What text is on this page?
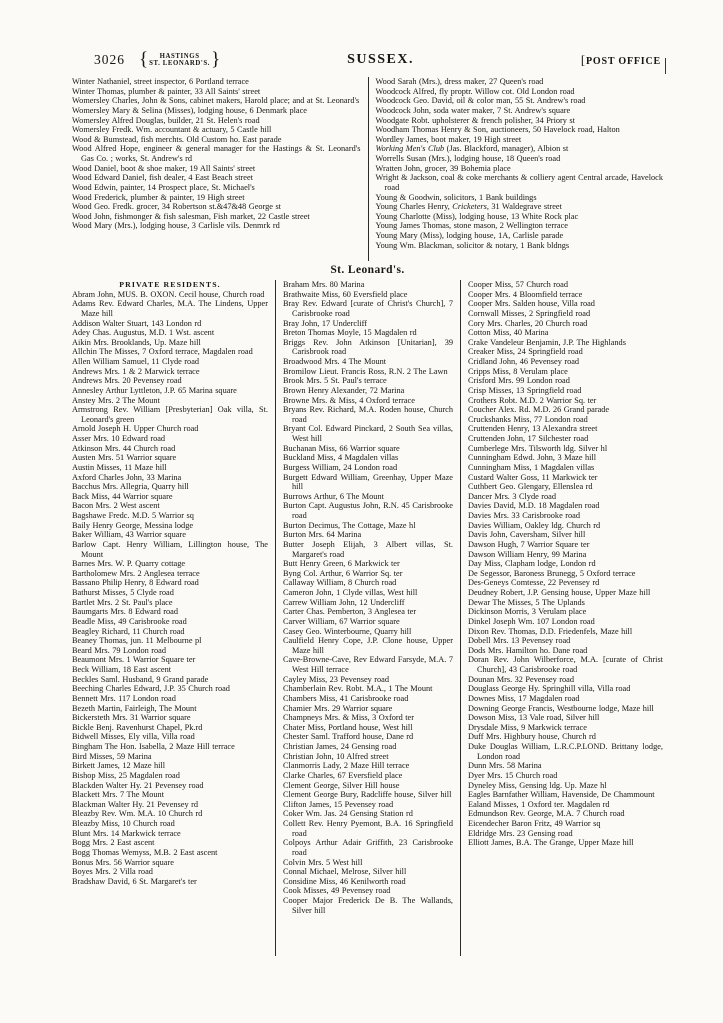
3026 {	HASTINGS
ST. LEONARD'S. }	SUSSEX.	[POST OFFICE

Winter Nathaniel, street inspector, 6 Portland terrace

Winter Thomas, plumber & painter, 33 All Saints' street

Womersley Charles, John & Sons, cabinet makers, Harold place; and at St. Leonard's

Womersley Mary & Selina (Misses), lodging house, 6 Denmark place

Womersley Alfred Douglas, builder, 21 St. Helen's road

Womersley Fredk. Wm. accountant & actuary, 5 Castle hill

Wood & Bumstead, fish merchts. Old Custom ho. East parade

Wood Alfred Hope, engineer & general manager for the Hastings & St. Leonard's Gas Co. ; works, St. Andrew's rd

Wood Daniel, boot & shoe maker, 19 All Saints' street

Wood Edward Daniel, fish dealer, 4 East Beach street

Wood Edwin, painter, 14 Prospect place, St. Michael's

Wood Frederick, plumber & painter, 19 High street

Wood Geo. Fredk. grocer, 34 Robertson st.&47&48 George st

Wood John, fishmonger & fish salesman, Fish market, 22 Castle street

Wood Mary (Mrs.), lodging house, 3 Carlisle vils. Denmrk rd

Wood Sarah (Mrs.), dress maker, 27 Queen's road

Woodcock Alfred, fly proptr. Willow cot. Old London road

Woodcock Geo. David, oil & color man, 55 St. Andrew's road

Woodcock John, soda water maker, 7 St. Andrew's square

Woodgate Robt. upholsterer & french polisher, 34 Priory st

Woodham Thomas Henry & Son, auctioneers, 50 Havelock road, Halton

Wordley James, boot maker, 19 High street

Working Men's Club (Jas. Blackford, manager), Albion st

Worrells Susan (Mrs.), lodging house, 18 Queen's road

Wratten John, grocer, 39 Bohemia place

Wright & Jackson, coal & coke merchants & colliery agent Central arcade, Havelock road

Young & Goodwin, solicitors, 1 Bank buildings

Young Charles Henry, Cricketers, 31 Waldegrave street

Young Charlotte (Miss), lodging house, 13 White Rock plac

Young James Thomas, stone mason, 2 Wellington terrace

Young Mary (Miss), lodging house, 1A, Carlisle parade

Young Wm. Blackman, solicitor & notary, 1 Bank bldngs

St. Leonard's.
PRIVATE RESIDENTS.

Abram John, MUS. B. OXON. Cecil house, Church road

Adams Rev. Edward Charles, M.A. The Lindens, Upper Maze hill

Addison Walter Stuart, 143 London rd

Adey Chas. Augustus, M.D. 1 Wst. ascent

Aikin Mrs. Brooklands, Up. Maze hill

Allchin The Misses, 7 Oxford terrace, Magdalen road

Allen William Samuel, 11 Clyde road

Andrews Mrs. 1 & 2 Marwick terrace

Andrews Mrs. 20 Pevensey road

Annesley Arthur Lyttleton, J.P. 65 Marina square

Anstey Mrs. 2 The Mount

Armstrong Rev. William [Presbyterian] Oak villa, St. Leonard's green

Arnold Joseph H. Upper Church road

Asser Mrs. 10 Edward road

Atkinson Mrs. 44 Church road

Austen Mrs. 51 Warrior square

Austin Misses, 11 Maze hill

Axford Charles John, 33 Marina

Bacchus Mrs. Allegria, Quarry hill

Back Miss, 44 Warrior square

Bacon Mrs. 2 West ascent

Bagshawe Fredc. M.D. 5 Warrior sq

Baily Henry George, Messina lodge

Baker William, 43 Warrior square

Barlow Capt. Henry William, Lillington house, The Mount

Barnes Mrs. W. P. Quarry cottage

Bartholomew Mrs. 2 Anglesea terrace

Bassano Philip Henry, 8 Edward road

Bathurst Misses, 5 Clyde road

Bartlet Mrs. 2 St. Paul's place

Baumgarts Mrs. 8 Edward road

Beadle Miss, 49 Carisbrooke road

Beagley Richard, 11 Church road

Beaney Thomas, jun. 11 Melbourne pl

Beard Mrs. 79 London road

Beaumont Mrs. 1 Warrior Square ter

Beck William, 18 East ascent

Beckles Saml. Husband, 9 Grand parade

Beeching Charles Edward, J.P. 35 Church road

Bennett Mrs. 117 London road

Bezeth Martin, Fairleigh, The Mount

Bickersteth Mrs. 31 Warrior square

Bickle Benj. Ravenhurst Chapel, Pk.rd

Bidwell Misses, Ely villa, Villa road

Bingham The Hon. Isabella, 2 Maze Hill terrace

Bird Misses, 59 Marina

Birkett James, 12 Maze hill

Bishop Miss, 25 Magdalen road

Blackden Walter Hy. 21 Pevensey road

Blackett Mrs. 7 The Mount

Blackman Walter Hy. 21 Pevensey rd

Bleazby Rev. Wm. M.A. 10 Church rd

Bleazby Miss, 10 Church road

Blunt Mrs. 14 Markwick terrace

Bogg Mrs. 2 East ascent

Bogg Thomas Wemyss, M.B. 2 East ascent

Bonus Mrs. 56 Warrior square

Boyes Mrs. 2 Villa road

Bradshaw David, 6 St. Margaret's ter

Braham Mrs. 80 Marina

Brathwaite Miss, 60 Eversfield place

Bray Rev. Edward [curate of Christ's Church], 7 Carisbrooke road

Bray John, 17 Undercliff

Breton Thomas Moyle, 15 Magdalen rd

Briggs Rev. John Atkinson [Unitarian], 39 Carisbrook road

Broadwood Mrs. 4 The Mount

Bromilow Lieut. Francis Ross, R.N. 2 The Lawn

Brook Mrs. 5 St. Paul's terrace

Brown Henry Alexander, 72 Marina

Browne Mrs. & Miss, 4 Oxford terrace

Bryans Rev. Richard, M.A. Roden house, Church road

Bryant Col. Edward Pinckard, 2 South Sea villas, West hill

Buchanan Miss, 66 Warrior square

Buckland Miss, 4 Magdalen villas

Burgess William, 24 London road

Burgett Edward William, Greenhay, Upper Maze hill

Burrows Arthur, 6 The Mount

Burton Capt. Augustus John, R.N. 45 Carisbrooke road

Burton Decimus, The Cottage, Maze hl

Burton Mrs. 64 Marina

Butter Joseph Elijah, 3 Albert villas, St. Margaret's road

Butt Henry Green, 6 Markwick ter

Byng Col. Arthur, 6 Warrior Sq. ter

Callaway William, 8 Church road

Cameron John, 1 Clyde villas, West hill

Carrew William John, 12 Undercliff

Carter Chas. Pemberton, 3 Anglesea ter

Carver William, 67 Warrior square

Casey Geo. Winterbourne, Quarry hill

Caulfield Henry Cope, J.P. Clone house, Upper Maze hill

Cave-Browne-Cave, Rev Edward Farsyde, M.A. 7 West Hill terrace

Cayley Miss, 23 Pevensey road

Chamberlain Rev. Robt. M.A., 1 The Mount

Chambers Miss, 41 Carisbrooke road

Chamier Mrs. 29 Warrior square

Champneys Mrs. & Miss, 3 Oxford ter

Chater Miss, Portland house, West hill

Chester Saml. Trafford house, Dane rd

Christian James, 24 Gensing road

Christian John, 10 Alfred street

Clanmorris Lady, 2 Maze Hill terrace

Clarke Charles, 67 Eversfield place

Clement George, Silver Hill house

Clement George Bury, Radcliffe house, Silver hill

Clifton James, 15 Pevensey road

Coker Wm. Jas. 24 Gensing Station rd

Collett Rev. Henry Pyemont, B.A. 16 Springfield road

Colpoys Arthur Adair Griffith, 23 Carisbrooke road

Colvin Mrs. 5 West hill

Connal Michael, Melrose, Silver hill

Considine Miss, 46 Kenilworth road

Cook Misses, 49 Pevensey road

Cooper Major Frederick De B. The Wallands, Silver hill

Cooper Miss, 57 Church road

Cooper Mrs. 4 Bloomfield terrace

Cooper Mrs. Salden house, Villa road

Cornwall Misses, 2 Springfield road

Cory Mrs. Charles, 20 Church road

Cotton Miss, 40 Marina

Crake Vandeleur Benjamin, J.P. The Highlands

Creaker Miss, 24 Springfield road

Cridland John, 46 Pevensey road

Cripps Miss, 8 Verulam place

Crisford Mrs. 99 London road

Crisp Misses, 13 Springfield road

Crothers Robt. M.D. 2 Warrior Sq. ter

Coucher Alex. Rd. M.D. 26 Grand parade

Cruckshanks Miss, 77 London road

Cruttenden Henry, 13 Alexandra street

Cruttenden John, 17 Silchester road

Cumberlege Mrs. Tilsworth ldg. Silver hl

Cunningham Edwd. John, 3 Maze hill

Cunningham Miss, 1 Magdalen villas

Custard Walter Goss, 11 Markwick ter

Cuthbert Geo. Glengary, Ellenslea rd

Dancer Mrs. 3 Clyde road

Davies David, M.D. 18 Magdalen road

Davies Mrs. 33 Carisbrooke road

Davies William, Oakley ldg. Church rd

Davis John, Caversham, Silver hill

Dawson Hugh, 7 Warrior Square ter

Dawson William Henry, 99 Marina

Day Miss, Clapham lodge, London rd

De Segessor, Baroness Brunegg, 5 Oxford terrace

Des-Geneys Comtesse, 22 Pevensey rd

Deudney Robert, J.P. Gensing house, Upper Maze hill

Dewar The Misses, 5 The Uplands

Dickinson Morris, 3 Verulam place

Dinkel Joseph Wm. 107 London road

Dixon Rev. Thomas, D.D. Friedenfels, Maze hill

Dobell Mrs. 13 Pevensey road

Dods Mrs. Hamilton ho. Dane road

Doran Rev. John Wilberforce, M.A. [curate of Christ Church], 43 Carisbrooke road

Dounan Mrs. 32 Pevensey road

Douglass George Hy. Springhill villa, Villa road

Downes Miss, 17 Magdalen road

Downing George Francis, Westbourne lodge, Maze hill

Dowson Miss, 13 Vale road, Silver hill

Drysdale Miss, 9 Markwick terrace

Duff Mrs. Highbury house, Church rd

Duke Douglas William, L.R.C.P.LOND. Brittany lodge, London road

Dunn Mrs. 58 Marina

Dyer Mrs. 15 Church road

Dyneley Miss, Gensing ldg. Up. Maze hl

Eagles Barnfather William, Havenside, De Chammount

Ealand Misses, 1 Oxford ter. Magdalen rd

Edmundson Rev. George, M.A. 7 Church road

Eicendecher Baron Fritz, 49 Warrior sq

Eldridge Mrs. 23 Gensing road

Elliott James, B.A. The Grange, Upper Maze hill
